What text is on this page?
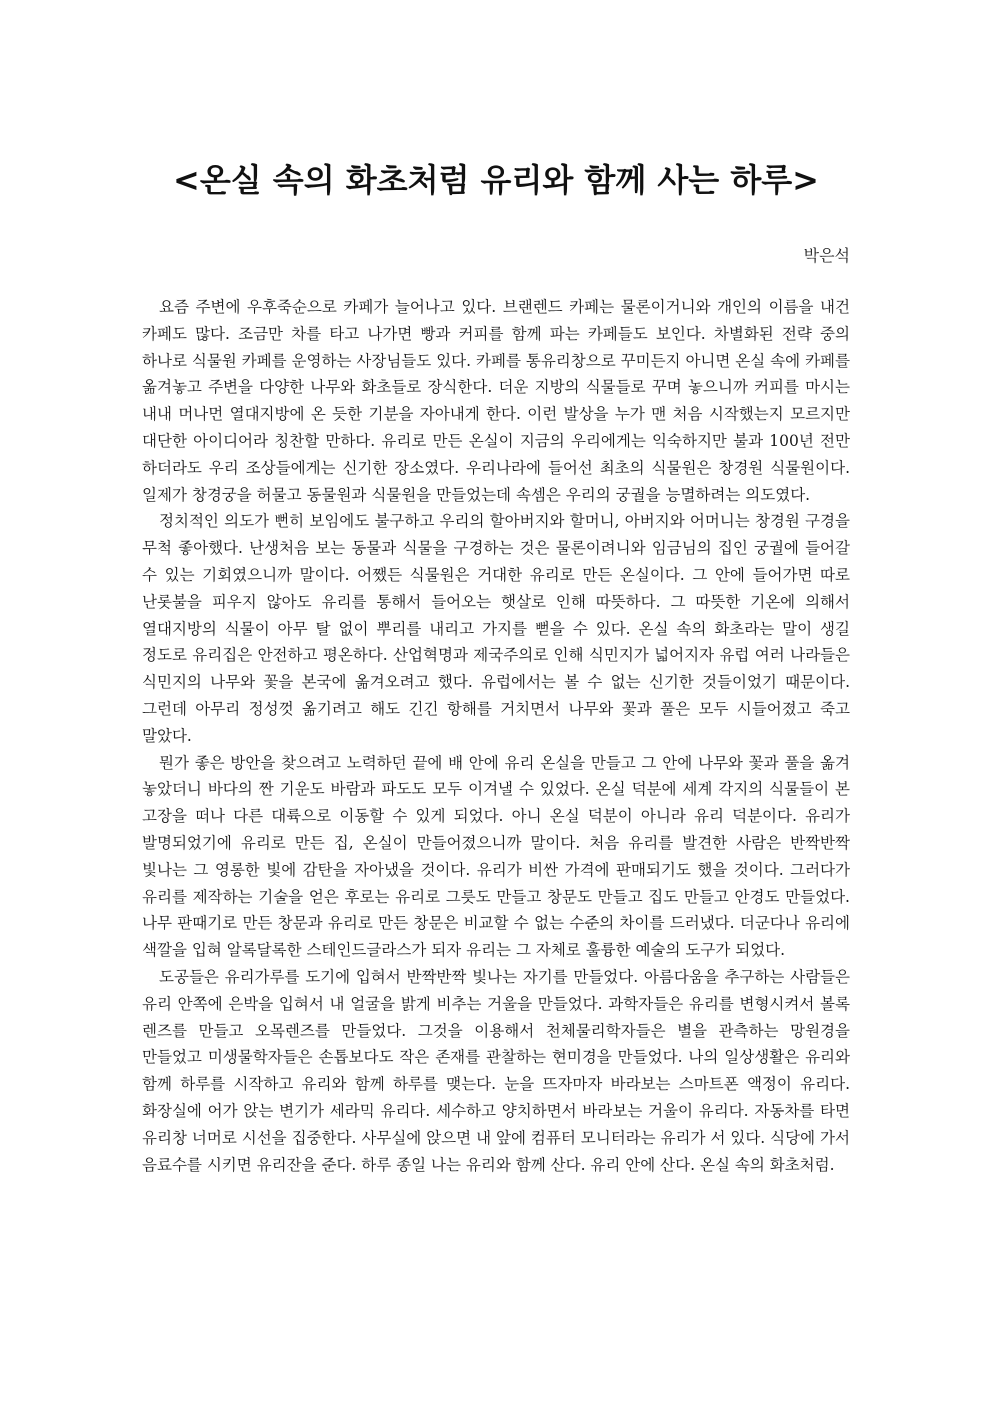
<온실 속의 화초처럼 유리와 함께 사는 하루>
박은석

요즘 주변에 우후죽순으로 카페가 늘어나고 있다. 브랜렌드 카페는 물론이거니와 개인의 이름을 내건 카페도 많다. 조금만 차를 타고 나가면 빵과 커피를 함께 파는 카페들도 보인다. 차별화된 전략 중의 하나로 식물원 카페를 운영하는 사장님들도 있다. 카페를 통유리창으로 꾸미든지 아니면 온실 속에 카페를 옮겨놓고 주변을 다양한 나무와 화초들로 장식한다. 더운 지방의 식물들로 꾸며 놓으니까 커피를 마시는 내내 머나먼 열대지방에 온 듯한 기분을 자아내게 한다. 이런 발상을 누가 맨 처음 시작했는지 모르지만 대단한 아이디어라 칭찬할 만하다. 유리로 만든 온실이 지금의 우리에게는 익숙하지만 불과 100년 전만 하더라도 우리 조상들에게는 신기한 장소였다. 우리나라에 들어선 최초의 식물원은 창경원 식물원이다. 일제가 창경궁을 허물고 동물원과 식물원을 만들었는데 속셈은 우리의 궁궐을 능멸하려는 의도였다.

정치적인 의도가 뻔히 보임에도 불구하고 우리의 할아버지와 할머니, 아버지와 어머니는 창경원 구경을 무척 좋아했다. 난생처음 보는 동물과 식물을 구경하는 것은 물론이려니와 임금님의 집인 궁궐에 들어갈 수 있는 기회였으니까 말이다. 어쨌든 식물원은 거대한 유리로 만든 온실이다. 그 안에 들어가면 따로 난롯불을 피우지 않아도 유리를 통해서 들어오는 햇살로 인해 따뜻하다. 그 따뜻한 기온에 의해서 열대지방의 식물이 아무 탈 없이 뿌리를 내리고 가지를 뻗을 수 있다. 온실 속의 화초라는 말이 생길 정도로 유리집은 안전하고 평온하다. 산업혁명과 제국주의로 인해 식민지가 넓어지자 유럽 여러 나라들은 식민지의 나무와 꽃을 본국에 옮겨오려고 했다. 유럽에서는 볼 수 없는 신기한 것들이었기 때문이다. 그런데 아무리 정성껏 옮기려고 해도 긴긴 항해를 거치면서 나무와 꽃과 풀은 모두 시들어졌고 죽고 말았다.

뭔가 좋은 방안을 찾으려고 노력하던 끝에 배 안에 유리 온실을 만들고 그 안에 나무와 꽃과 풀을 옮겨 놓았더니 바다의 짠 기운도 바람과 파도도 모두 이겨낼 수 있었다. 온실 덕분에 세계 각지의 식물들이 본 고장을 떠나 다른 대륙으로 이동할 수 있게 되었다. 아니 온실 덕분이 아니라 유리 덕분이다. 유리가 발명되었기에 유리로 만든 집, 온실이 만들어졌으니까 말이다. 처음 유리를 발견한 사람은 반짝반짝 빛나는 그 영롱한 빛에 감탄을 자아냈을 것이다. 유리가 비싼 가격에 판매되기도 했을 것이다. 그러다가 유리를 제작하는 기술을 얻은 후로는 유리로 그릇도 만들고 창문도 만들고 집도 만들고 안경도 만들었다. 나무 판때기로 만든 창문과 유리로 만든 창문은 비교할 수 없는 수준의 차이를 드러냈다. 더군다나 유리에 색깔을 입혀 알록달록한 스테인드글라스가 되자 유리는 그 자체로 훌륭한 예술의 도구가 되었다.

도공들은 유리가루를 도기에 입혀서 반짝반짝 빛나는 자기를 만들었다. 아름다움을 추구하는 사람들은 유리 안쪽에 은박을 입혀서 내 얼굴을 밝게 비추는 거울을 만들었다. 과학자들은 유리를 변형시켜서 볼록 렌즈를 만들고 오목렌즈를 만들었다. 그것을 이용해서 천체물리학자들은 별을 관측하는 망원경을 만들었고 미생물학자들은 손톱보다도 작은 존재를 관찰하는 현미경을 만들었다. 나의 일상생활은 유리와 함께 하루를 시작하고 유리와 함께 하루를 맺는다. 눈을 뜨자마자 바라보는 스마트폰 액정이 유리다. 화장실에 어가 앉는 변기가 세라믹 유리다. 세수하고 양치하면서 바라보는 거울이 유리다. 자동차를 타면 유리창 너머로 시선을 집중한다. 사무실에 앉으면 내 앞에 컴퓨터 모니터라는 유리가 서 있다. 식당에 가서 음료수를 시키면 유리잔을 준다. 하루 종일 나는 유리와 함께 산다. 유리 안에 산다. 온실 속의 화초처럼.
